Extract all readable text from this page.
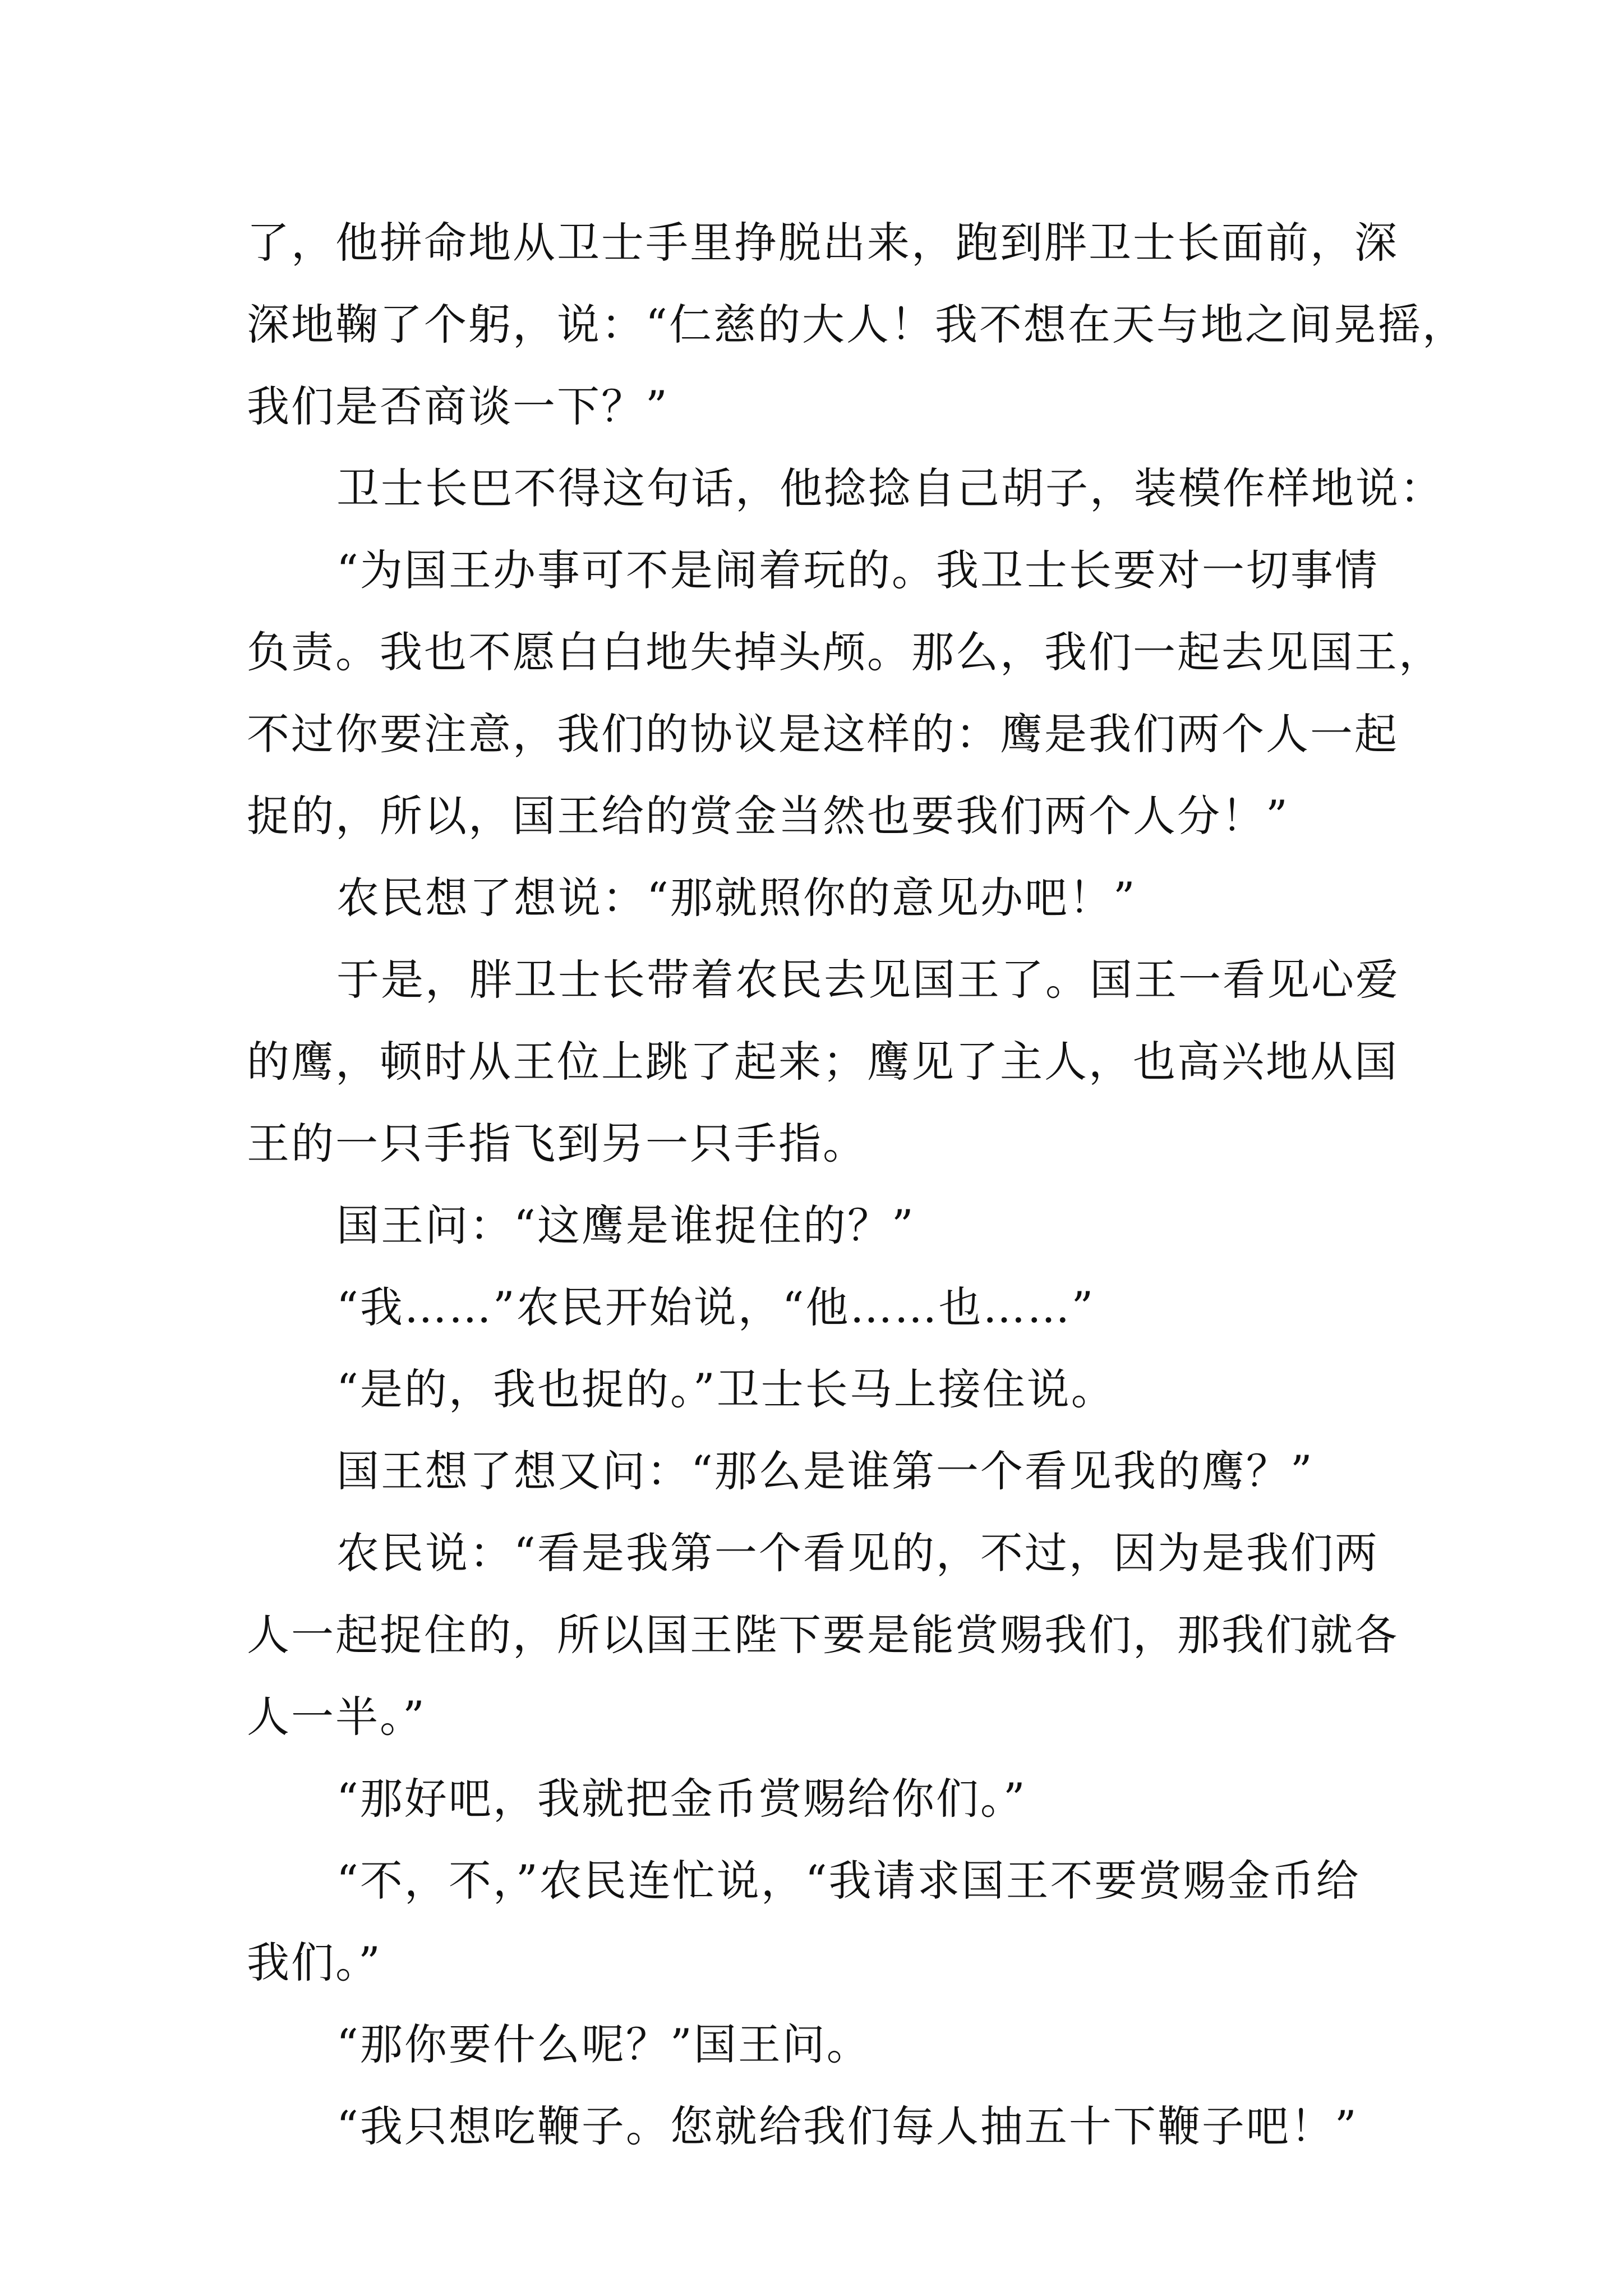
了，他拼命地从卫士手里挣脱出来，跑到胖卫士长面前，深
深地鞠了个躬，说：“仁慈的大人！我不想在天与地之间晃摇，
我们是否商谈一下？”
卫士长巴不得这句话，他捻捻自己胡子，装模作样地说：
“为国王办事可不是闹着玩的。我卫士长要对一切事情
负责。我也不愿白白地失掉头颅。那么，我们一起去见国王，
不过你要注意，我们的协议是这样的：鹰是我们两个人一起
捉的，所以，国王给的赏金当然也要我们两个人分！”
农民想了想说：“那就照你的意见办吧！”
于是，胖卫士长带着农民去见国王了。国王一看见心爱
的鹰，顿时从王位上跳了起来；鹰见了主人，也高兴地从国
王的一只手指飞到另一只手指。
国王问：“这鹰是谁捉住的？”
“我……”农民开始说，“他……也……”
“是的，我也捉的。”卫士长马上接住说。
国王想了想又问：“那么是谁第一个看见我的鹰？”
农民说：“看是我第一个看见的，不过，因为是我们两
人一起捉住的，所以国王陛下要是能赏赐我们，那我们就各
人一半。”
“那好吧，我就把金币赏赐给你们。”
“不，不，”农民连忙说，“我请求国王不要赏赐金币给
我们。”
“那你要什么呢？”国王问。
“我只想吃鞭子。您就给我们每人抽五十下鞭子吧！”
